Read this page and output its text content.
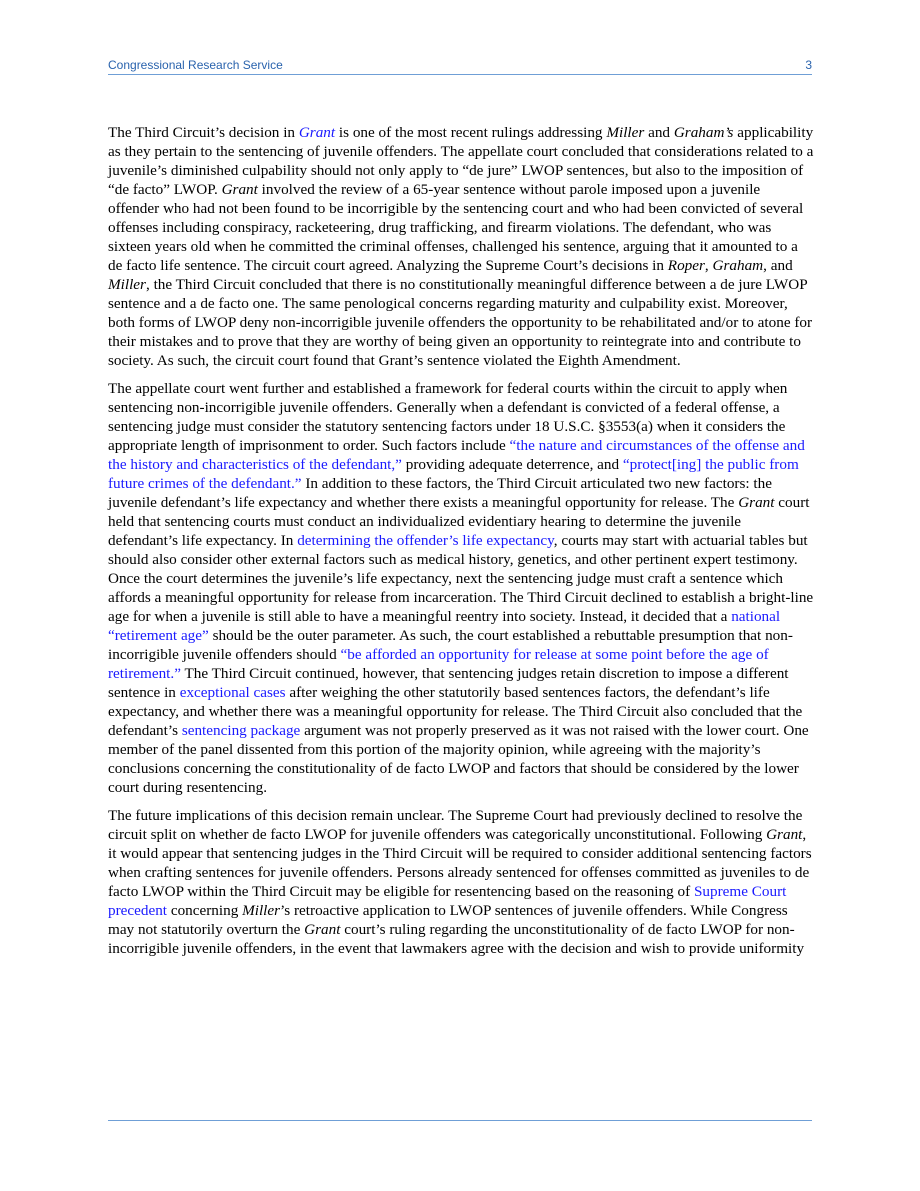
Congressional Research Service	3

The Third Circuit’s decision in Grant is one of the most recent rulings addressing Miller and Graham’s applicability as they pertain to the sentencing of juvenile offenders. The appellate court concluded that considerations related to a juvenile’s diminished culpability should not only apply to “de jure” LWOP sentences, but also to the imposition of “de facto” LWOP. Grant involved the review of a 65-year sentence without parole imposed upon a juvenile offender who had not been found to be incorrigible by the sentencing court and who had been convicted of several offenses including conspiracy, racketeering, drug trafficking, and firearm violations. The defendant, who was sixteen years old when he committed the criminal offenses, challenged his sentence, arguing that it amounted to a de facto life sentence. The circuit court agreed. Analyzing the Supreme Court’s decisions in Roper, Graham, and Miller, the Third Circuit concluded that there is no constitutionally meaningful difference between a de jure LWOP sentence and a de facto one. The same penological concerns regarding maturity and culpability exist. Moreover, both forms of LWOP deny non-incorrigible juvenile offenders the opportunity to be rehabilitated and/or to atone for their mistakes and to prove that they are worthy of being given an opportunity to reintegrate into and contribute to society. As such, the circuit court found that Grant’s sentence violated the Eighth Amendment.

The appellate court went further and established a framework for federal courts within the circuit to apply when sentencing non-incorrigible juvenile offenders. Generally when a defendant is convicted of a federal offense, a sentencing judge must consider the statutory sentencing factors under 18 U.S.C. §3553(a) when it considers the appropriate length of imprisonment to order. Such factors include “the nature and circumstances of the offense and the history and characteristics of the defendant,” providing adequate deterrence, and “protect[ing] the public from future crimes of the defendant.” In addition to these factors, the Third Circuit articulated two new factors: the juvenile defendant’s life expectancy and whether there exists a meaningful opportunity for release. The Grant court held that sentencing courts must conduct an individualized evidentiary hearing to determine the juvenile defendant’s life expectancy. In determining the offender’s life expectancy, courts may start with actuarial tables but should also consider other external factors such as medical history, genetics, and other pertinent expert testimony. Once the court determines the juvenile’s life expectancy, next the sentencing judge must craft a sentence which affords a meaningful opportunity for release from incarceration. The Third Circuit declined to establish a bright-line age for when a juvenile is still able to have a meaningful reentry into society. Instead, it decided that a national “retirement age” should be the outer parameter. As such, the court established a rebuttable presumption that non-incorrigible juvenile offenders should “be afforded an opportunity for release at some point before the age of retirement.” The Third Circuit continued, however, that sentencing judges retain discretion to impose a different sentence in exceptional cases after weighing the other statutorily based sentences factors, the defendant’s life expectancy, and whether there was a meaningful opportunity for release. The Third Circuit also concluded that the defendant’s sentencing package argument was not properly preserved as it was not raised with the lower court. One member of the panel dissented from this portion of the majority opinion, while agreeing with the majority’s conclusions concerning the constitutionality of de facto LWOP and factors that should be considered by the lower court during resentencing.

The future implications of this decision remain unclear. The Supreme Court had previously declined to resolve the circuit split on whether de facto LWOP for juvenile offenders was categorically unconstitutional. Following Grant, it would appear that sentencing judges in the Third Circuit will be required to consider additional sentencing factors when crafting sentences for juvenile offenders. Persons already sentenced for offenses committed as juveniles to de facto LWOP within the Third Circuit may be eligible for resentencing based on the reasoning of Supreme Court precedent concerning Miller’s retroactive application to LWOP sentences of juvenile offenders. While Congress may not statutorily overturn the Grant court’s ruling regarding the unconstitutionality of de facto LWOP for non-incorrigible juvenile offenders, in the event that lawmakers agree with the decision and wish to provide uniformity
